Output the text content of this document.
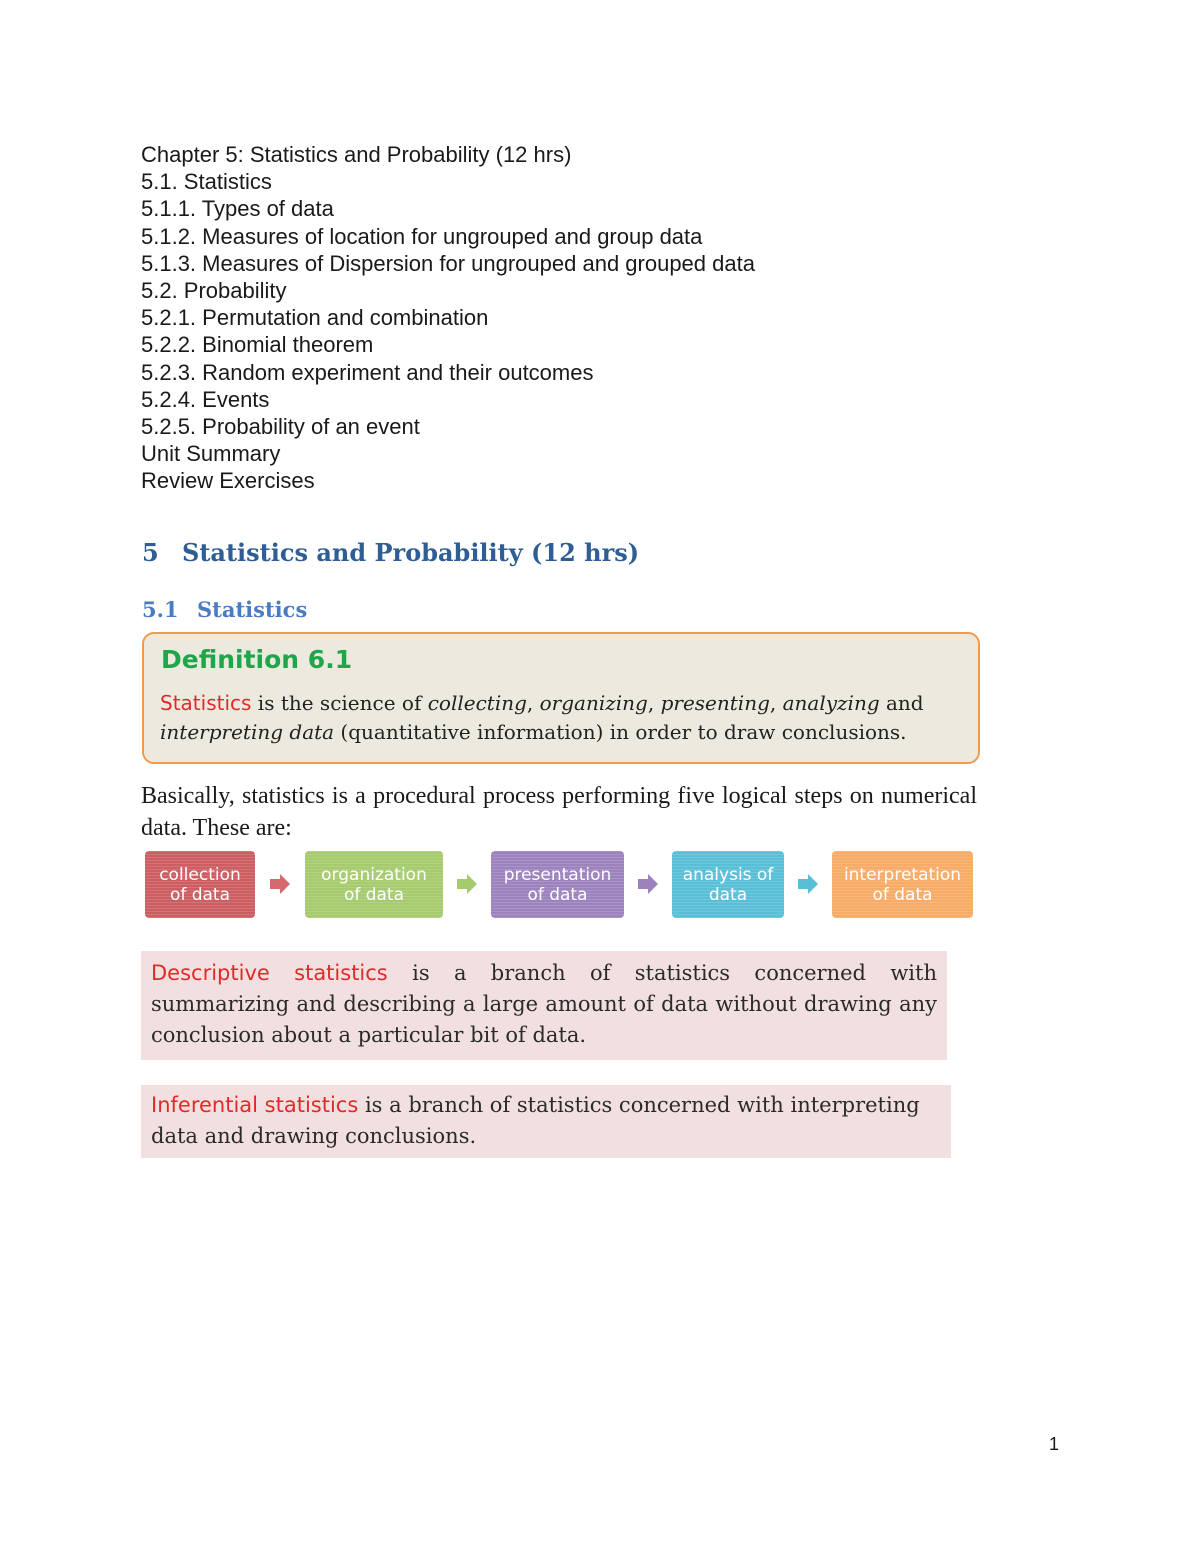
Chapter 5: Statistics and Probability (12 hrs)
5.1. Statistics
5.1.1. Types of data
5.1.2. Measures of location for ungrouped and group data
5.1.3. Measures of Dispersion for ungrouped and grouped data
5.2. Probability
5.2.1. Permutation and combination
5.2.2. Binomial theorem
5.2.3. Random experiment and their outcomes
5.2.4. Events
5.2.5. Probability of an event
Unit Summary
Review Exercises
5 Statistics and Probability (12 hrs)
5.1 Statistics
Definition 6.1
Statistics is the science of collecting, organizing, presenting, analyzing and interpreting data (quantitative information) in order to draw conclusions.
Basically, statistics is a procedural process performing five logical steps on numerical data. These are:
collection
of data
organization
of data
presentation
of data
analysis of
data
interpretation
of data
Descriptive statistics is a branch of statistics concerned with summarizing and describing a large amount of data without drawing any conclusion about a particular bit of data.
Inferential statistics is a branch of statistics concerned with interpreting data and drawing conclusions.
1
